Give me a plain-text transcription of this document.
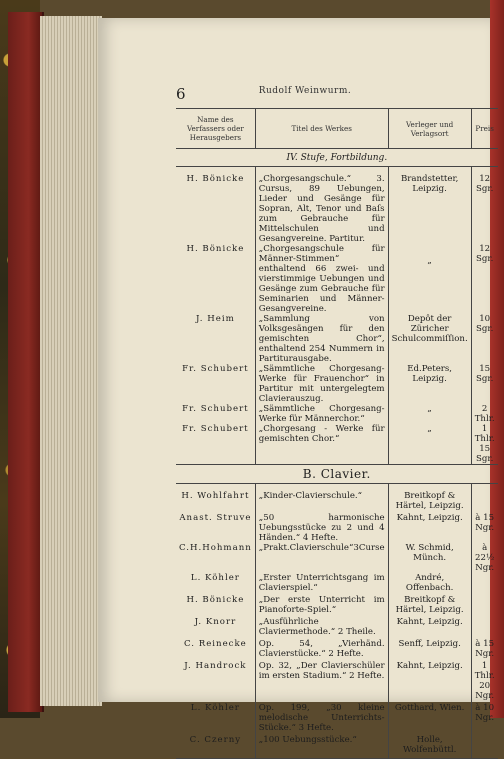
6	Rudolf Weinwurm.
Name des Verfassers oder Herausgebers	Titel des Werkes	Verleger und Verlagsort	Preis
IV. Stufe, Fortbildung.			
H. Bönicke	„Chorgesangschule.“ 3. Cursus, 89 Uebungen, Lieder und Gesänge für Sopran, Alt, Tenor und Baſs zum Gebrauche für Mittelschulen und Gesangvereine. Partitur.	Brandstetter, Leipzig.	12 Sgr.
H. Bönicke	„Chorgesangschule für Männer-Stimmen“ enthaltend 66 zwei- und vierstimmige Uebungen und Gesänge zum Gebrauche für Seminarien und Männer-Gesangvereine.	„	12 Sgr.
J. Heim	„Sammlung von Volksgesängen für den gemischten Chor“, enthaltend 254 Nummern in Partiturausgabe.	Depôt der Züricher Schulcommiſſion.	10 Sgr.
Fr. Schubert	„Sämmtliche Chorgesang-Werke für Frauenchor“ in Partitur mit untergelegtem Clavierauszug.	Ed.Peters, Leipzig.	15 Sgr.
Fr. Schubert	„Sämmtliche Chorgesang-Werke für Männerchor.“	„	2 Thlr.
Fr. Schubert	„Chorgesang - Werke für gemischten Chor.“	„	1 Thlr. 15 Sgr.
B. Clavier.			
H. Wohlfahrt	„Kinder-Clavierschule.“	Breitkopf & Härtel, Leipzig.	
Anast. Struve	„50 harmonische Uebungsstücke zu 2 und 4 Händen.“ 4 Hefte.	Kahnt, Leipzig.	à 15 Ngr.
C.H.Hohmann	„Prakt.Clavierschule“3Curse	W. Schmid, Münch.	à 22½ Ngr.
L. Köhler	„Erster Unterrichtsgang im Clavierspiel.“	André, Offenbach.	
H. Bönicke	„Der erste Unterricht im Pianoforte-Spiel.“	Breitkopf & Härtel, Leipzig.	
J. Knorr	„Ausführliche Claviermethode.“ 2 Theile.	Kahnt, Leipzig.	
C. Reinecke	Op. 54, „Vierhänd. Clavierstücke.“ 2 Hefte.	Senff, Leipzig.	à 15 Ngr.
J. Handrock	Op. 32, „Der Clavierschüler im ersten Stadium.“ 2 Hefte.	Kahnt, Leipzig.	1 Thlr. 20 Ngr.
L. Köhler	Op. 199, „30 kleine melodische Unterrichts-Stücke.“ 3 Hefte.	Gotthard, Wien.	à 10 Ngr.
C. Czerny	„100 Uebungsstücke.“	Holle, Wolfenbüttl.	
